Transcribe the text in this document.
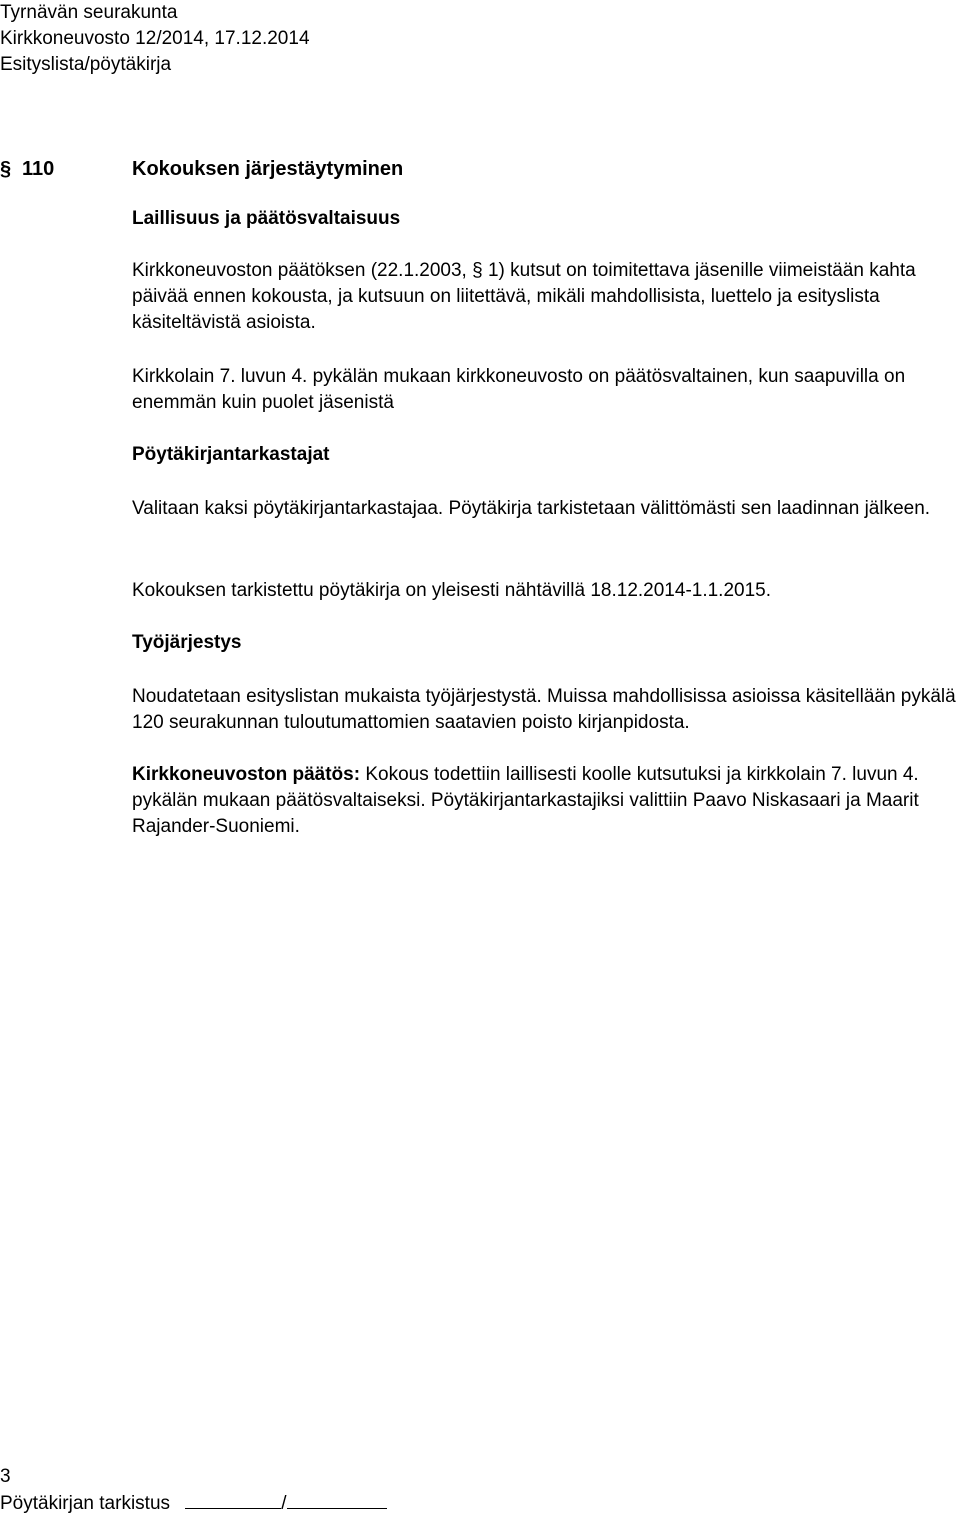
Tyrnävän seurakunta
Kirkkoneuvosto 12/2014, 17.12.2014
Esityslista/pöytäkirja
§ 110	Kokouksen järjestäytyminen

Laillisuus ja päätösvaltaisuus

Kirkkoneuvoston päätöksen (22.1.2003, § 1) kutsut on toimitettava jäsenille viimeistään kahta päivää ennen kokousta, ja kutsuun on liitettävä, mikäli mahdollisista, luettelo ja esityslista käsiteltävistä asioista.

Kirkkolain 7. luvun 4. pykälän mukaan kirkkoneuvosto on päätösvaltainen, kun saapuvilla on enemmän kuin puolet jäsenistä

Pöytäkirjantarkastajat

Valitaan kaksi pöytäkirjantarkastajaa. Pöytäkirja tarkistetaan välittömästi sen laadinnan jälkeen.

Kokouksen tarkistettu pöytäkirja on yleisesti nähtävillä 18.12.2014-1.1.2015.

Työjärjestys

Noudatetaan esityslistan mukaista työjärjestystä. Muissa mahdollisissa asioissa käsitellään pykälä 120 seurakunnan tuloutumattomien saatavien poisto kirjanpidosta.

Kirkkoneuvoston päätös: Kokous todettiin laillisesti koolle kutsutuksi ja kirkkolain 7. luvun 4. pykälän mukaan päätösvaltaiseksi. Pöytäkirjantarkastajiksi valittiin Paavo Niskasaari ja Maarit Rajander-Suoniemi.

3
Pöytäkirjan tarkistus	/
